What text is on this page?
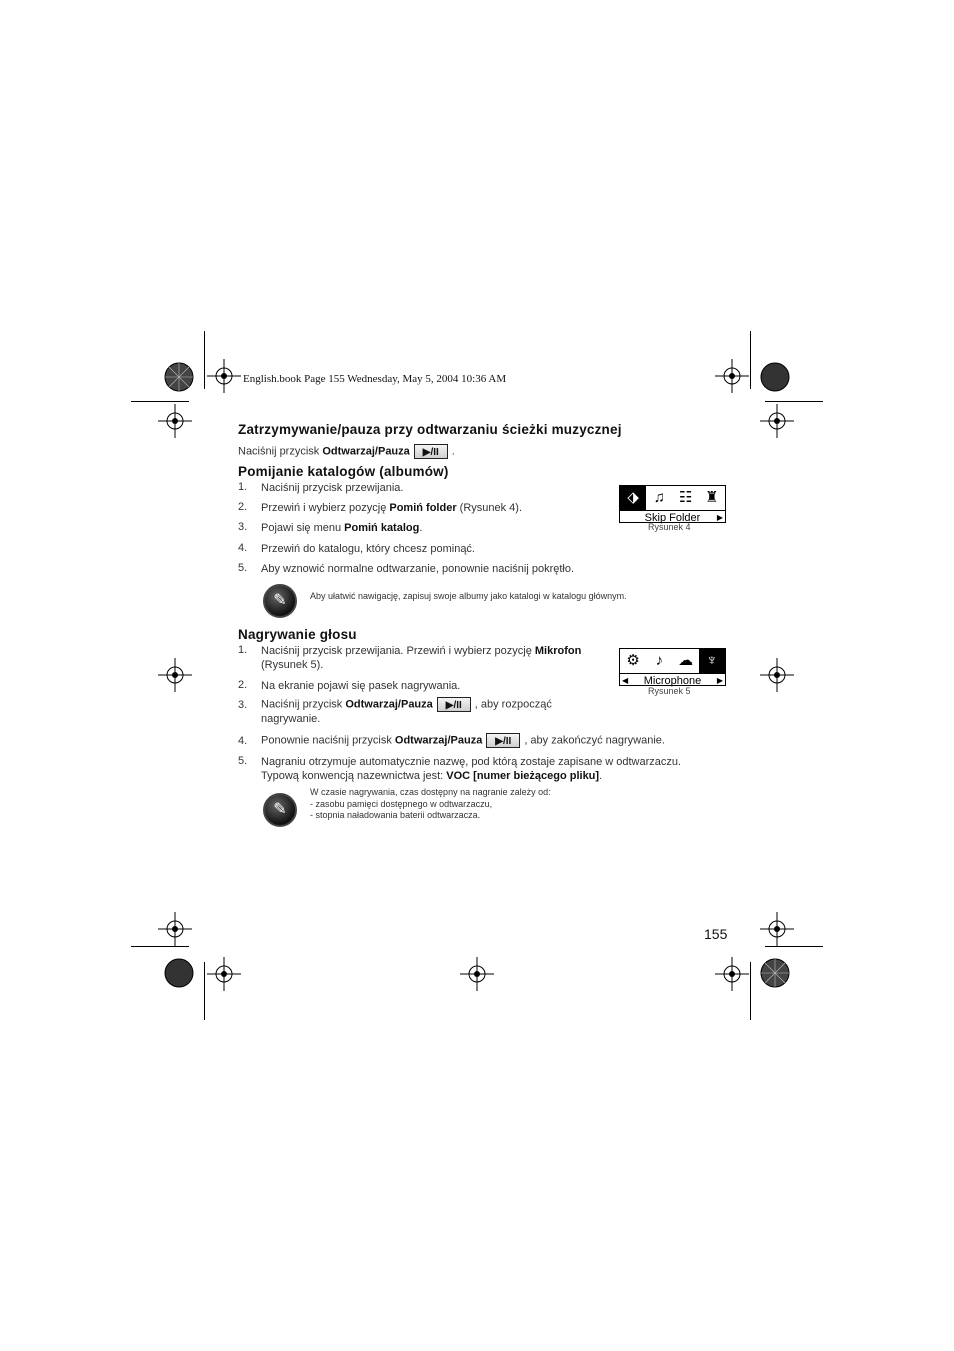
English.book Page 155 Wednesday, May 5, 2004 10:36 AM
Zatrzymywanie/pauza przy odtwarzaniu ścieżki muzycznej
Naciśnij przycisk Odtwarzaj/Pauza ▶/II .
Pomijanie katalogów (albumów)
1. Naciśnij przycisk przewijania.
2. Przewiń i wybierz pozycję Pomiń folder (Rysunek 4).
3. Pojawi się menu Pomiń katalog.
4. Przewiń do katalogu, który chcesz pominąć.
5. Aby wznowić normalne odtwarzanie, ponownie naciśnij pokrętło.
⬗ ♫ ☷ ♜
Skip Folder ▶
Rysunek 4
✎	Aby ułatwić nawigację, zapisuj swoje albumy jako katalogi w katalogu głównym.
Nagrywanie głosu
1. Naciśnij przycisk przewijania. Przewiń i wybierz pozycję Mikrofon
(Rysunek 5).
2. Na ekranie pojawi się pasek nagrywania.
3. Naciśnij przycisk Odtwarzaj/Pauza ▶/II , aby rozpocząć
nagrywanie.
4. Ponownie naciśnij przycisk Odtwarzaj/Pauza ▶/II , aby zakończyć nagrywanie.
5. Nagraniu otrzymuje automatycznie nazwę, pod którą zostaje zapisane w odtwarzaczu.
Typową konwencją nazewnictwa jest: VOC [numer bieżącego pliku].
⚙	♪	☁ ♆
◀ Microphone ▶
Rysunek 5
✎
W czasie nagrywania, czas dostępny na nagranie zależy od:
- zasobu pamięci dostępnego w odtwarzaczu,
- stopnia naładowania baterii odtwarzacza.
155
